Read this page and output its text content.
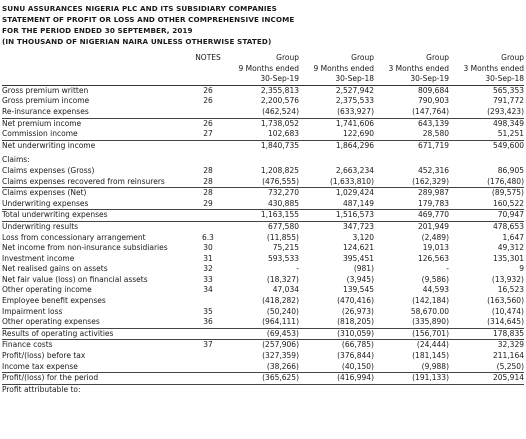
SUNU ASSURANCES NIGERIA PLC AND ITS SUBSIDIARY COMPANIES
STATEMENT OF PROFIT OR LOSS AND OTHER COMPREHENSIVE INCOME
FOR THE PERIOD ENDED 30 SEPTEMBER, 2019
(IN THOUSAND OF NIGERIAN NAIRA UNLESS OTHERWISE STATED)
	NOTES	Group	Group	Group	Group
		9 Months ended	9 Months ended	3 Months ended	3 Months ended
		30-Sep-19	30-Sep-18	30-Sep-19	30-Sep-18
Gross premium written	26	2,355,813	2,527,942	809,684	565,353
Gross premium income	26	2,200,576	2,375,533	790,903	791,772
Re-insurance expenses		(462,524)	(633,927)	(147,764)	(293,423)
Net premium income	26	1,738,052	1,741,606	643,139	498,349
Commission income	27	102,683	122,690	28,580	51,251
Net underwriting income		1,840,735	1,864,296	671,719	549,600

Claims:					
Claims expenses (Gross)	28	1,208,825	2,663,234	452,316	86,905
Claims expenses recovered from reinsurers	28	(476,555)	(1,633,810)	(162,329)	(176,480)
Claims expenses (Net)	28	732,270	1,029,424	289,987	(89,575)
Underwriting expenses	29	430,885	487,149	179,783	160,522
Total underwriting expenses		1,163,155	1,516,573	469,770	70,947
Underwriting results		677,580	347,723	201,949	478,653
Loss from concessionary arrangement	6.3	(11,855)	3,120	(2,489)	1,647
Net income from non-insurance subsidiaries	30	75,215	124,621	19,013	49,312
Investment income	31	593,533	395,451	126,563	135,301
Net realised gains on assets	32	-	(981)	-	9
Net fair value (loss) on financial assets	33	(18,327)	(3,945)	(9,586)	(13,932)
Other operating income	34	47,034	139,545	44,593	16,523
Employee benefit expenses		(418,282)	(470,416)	(142,184)	(163,560)
Impairment loss	35	(50,240)	(26,973)	58,670.00	(10,474)
Other operating expenses	36	(964,111)	(818,205)	(335,890)	(314,645)
Results of operating activities		(69,453)	(310,059)	(156,701)	178,835
Finance costs	37	(257,906)	(66,785)	(24,444)	32,329
Profit/(loss) before tax		(327,359)	(376,844)	(181,145)	211,164
Income tax expense		(38,266)	(40,150)	(9,988)	(5,250)
Profit/(loss) for the period		(365,625)	(416,994)	(191,133)	205,914
Profit attributable to:					
